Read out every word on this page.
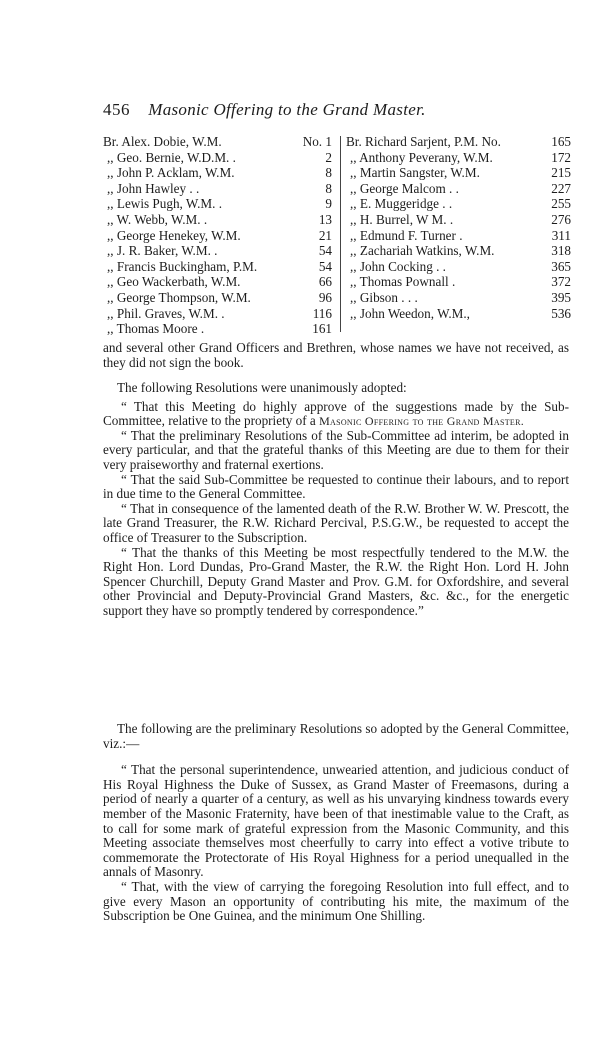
456 Masonic Offering to the Grand Master.
Br. Alex. Dobie, W.M.	No. 1
,, Geo. Bernie, W.D.M. .	2
,, John P. Acklam, W.M.	8
,, John Hawley . .	8
,, Lewis Pugh, W.M. .	9
,, W. Webb, W.M. .	13
,, George Henekey, W.M.	21
,, J. R. Baker, W.M. .	54
,, Francis Buckingham, P.M.	54
,, Geo Wackerbath, W.M.	66
,, George Thompson, W.M.	96
,, Phil. Graves, W.M. .	116
,, Thomas Moore .	161
Br. Richard Sarjent, P.M. No.	165
,, Anthony Peverany, W.M.	172
,, Martin Sangster, W.M.	215
,, George Malcom . .	227
,, E. Muggeridge . .	255
,, H. Burrel, W M. .	276
,, Edmund F. Turner .	311
,, Zachariah Watkins, W.M.	318
,, John Cocking . .	365
,, Thomas Pownall .	372
,, Gibson . . .	395
,, John Weedon, W.M.,	536

and several other Grand Officers and Brethren, whose names we have not received, as they did not sign the book.

The following Resolutions were unanimously adopted:

“ That this Meeting do highly approve of the suggestions made by the Sub-Committee, relative to the propriety of a Masonic Offering to the Grand Master.

“ That the preliminary Resolutions of the Sub-Committee ad interim, be adopted in every particular, and that the grateful thanks of this Meeting are due to them for their very praiseworthy and fraternal exertions.

“ That the said Sub-Committee be requested to continue their labours, and to report in due time to the General Committee.

“ That in consequence of the lamented death of the R.W. Brother W. W. Prescott, the late Grand Treasurer, the R.W. Richard Percival, P.S.G.W., be requested to accept the office of Treasurer to the Subscription.

“ That the thanks of this Meeting be most respectfully tendered to the M.W. the Right Hon. Lord Dundas, Pro-Grand Master, the R.W. the Right Hon. Lord H. John Spencer Churchill, Deputy Grand Master and Prov. G.M. for Oxfordshire, and several other Provincial and Deputy-Provincial Grand Masters, &c. &c., for the energetic support they have so promptly tendered by correspondence.”

The following are the preliminary Resolutions so adopted by the General Committee, viz.:—

“ That the personal superintendence, unwearied attention, and judicious conduct of His Royal Highness the Duke of Sussex, as Grand Master of Freemasons, during a period of nearly a quarter of a century, as well as his unvarying kindness towards every member of the Masonic Fraternity, have been of that inestimable value to the Craft, as to call for some mark of grateful expression from the Masonic Community, and this Meeting associate themselves most cheerfully to carry into effect a votive tribute to commemorate the Protectorate of His Royal Highness for a period unequalled in the annals of Masonry.

“ That, with the view of carrying the foregoing Resolution into full effect, and to give every Mason an opportunity of contributing his mite, the maximum of the Subscription be One Guinea, and the minimum One Shilling.
